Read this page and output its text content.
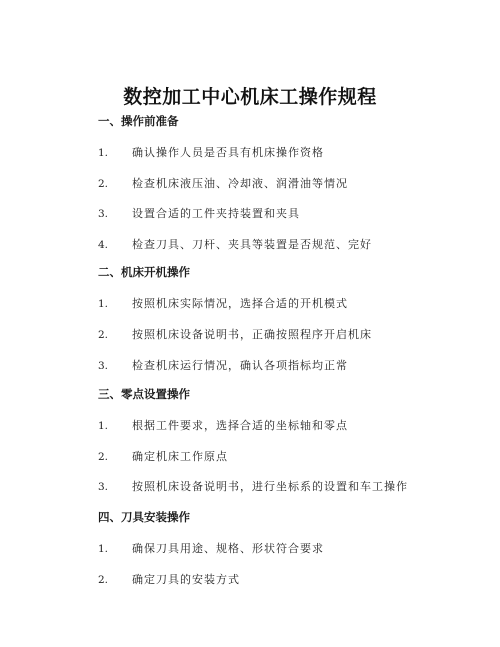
数控加工中心机床工操作规程
一、操作前准备
1. 确认操作人员是否具有机床操作资格
2. 检查机床液压油、冷却液、润滑油等情况
3. 设置合适的工件夹持装置和夹具
4. 检查刀具、刀杆、夹具等装置是否规范、完好
二、机床开机操作
1. 按照机床实际情况，选择合适的开机模式
2. 按照机床设备说明书，正确按照程序开启机床
3. 检查机床运行情况，确认各项指标均正常
三、零点设置操作
1. 根据工件要求，选择合适的坐标轴和零点
2. 确定机床工作原点
3. 按照机床设备说明书，进行坐标系的设置和车工操作
四、刀具安装操作
1. 确保刀具用途、规格、形状符合要求
2. 确定刀具的安装方式
